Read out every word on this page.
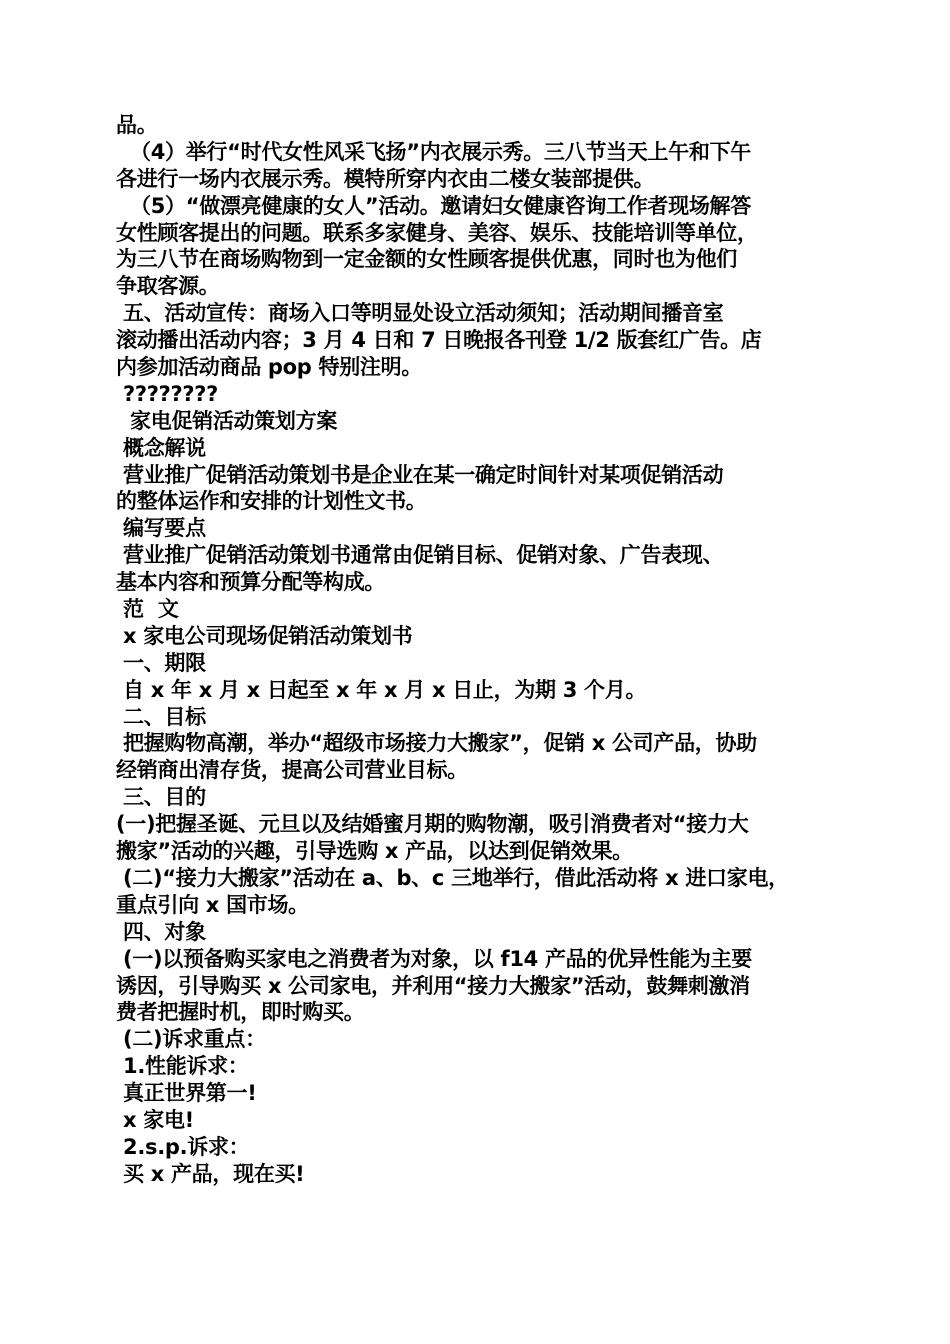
品。
（4）举行“时代女性风采飞扬”内衣展示秀。三八节当天上午和下午
各进行一场内衣展示秀。模特所穿内衣由二楼女装部提供。
（5）“做漂亮健康的女人”活动。邀请妇女健康咨询工作者现场解答
女性顾客提出的问题。联系多家健身、美容、娱乐、技能培训等单位，
为三八节在商场购物到一定金额的女性顾客提供优惠，同时也为他们
争取客源。
五、活动宣传：商场入口等明显处设立活动须知；活动期间播音室
滚动播出活动内容；3 月 4 日和 7 日晚报各刊登 1/2 版套红广告。店
内参加活动商品 pop 特别注明。
????????
家电促销活动策划方案
概念解说
营业推广促销活动策划书是企业在某一确定时间针对某项促销活动
的整体运作和安排的计划性文书。
编写要点
营业推广促销活动策划书通常由促销目标、促销对象、广告表现、
基本内容和预算分配等构成。
范  文
x 家电公司现场促销活动策划书
一、期限
自 x 年 x 月 x 日起至 x 年 x 月 x 日止，为期 3 个月。
二、目标
把握购物高潮，举办“超级市场接力大搬家”，促销 x 公司产品，协助
经销商出清存货，提高公司营业目标。
三、目的
(一)把握圣诞、元旦以及结婚蜜月期的购物潮，吸引消费者对“接力大
搬家”活动的兴趣，引导选购 x 产品，以达到促销效果。
(二)“接力大搬家”活动在 a、b、c 三地举行，借此活动将 x 进口家电，
重点引向 x 国市场。
四、对象
(一)以预备购买家电之消费者为对象，以 f14 产品的优异性能为主要
诱因，引导购买 x 公司家电，并利用“接力大搬家”活动，鼓舞刺激消
费者把握时机，即时购买。
(二)诉求重点：
1.性能诉求：
真正世界第一!
x 家电!
2.s.p.诉求：
买 x 产品，现在买!
